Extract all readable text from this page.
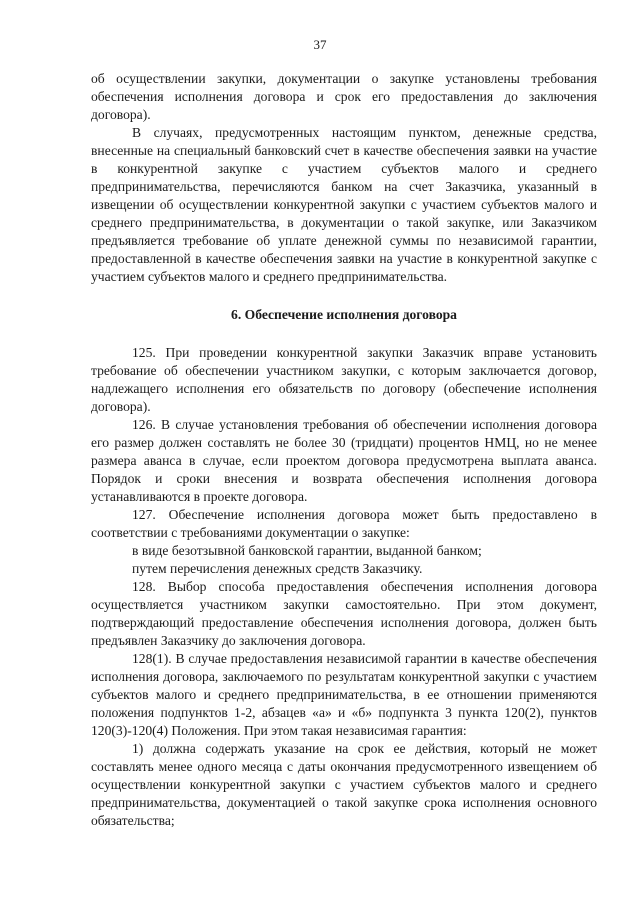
37

об осуществлении закупки, документации о закупке установлены требования обеспечения исполнения договора и срок его предоставления до заключения договора).

В случаях, предусмотренных настоящим пунктом, денежные средства, внесенные на специальный банковский счет в качестве обеспечения заявки на участие в конкурентной закупке с участием субъектов малого и среднего предпринимательства, перечисляются банком на счет Заказчика, указанный в извещении об осуществлении конкурентной закупки с участием субъектов малого и среднего предпринимательства, в документации о такой закупке, или Заказчиком предъявляется требование об уплате денежной суммы по независимой гарантии, предоставленной в качестве обеспечения заявки на участие в конкурентной закупке с участием субъектов малого и среднего предпринимательства.

6. Обеспечение исполнения договора

125. При проведении конкурентной закупки Заказчик вправе установить требование об обеспечении участником закупки, с которым заключается договор, надлежащего исполнения его обязательств по договору (обеспечение исполнения договора).

126. В случае установления требования об обеспечении исполнения договора его размер должен составлять не более 30 (тридцати) процентов НМЦ, но не менее размера аванса в случае, если проектом договора предусмотрена выплата аванса. Порядок и сроки внесения и возврата обеспечения исполнения договора устанавливаются в проекте договора.

127. Обеспечение исполнения договора может быть предоставлено в соответствии с требованиями документации о закупке:

в виде безотзывной банковской гарантии, выданной банком;

путем перечисления денежных средств Заказчику.

128. Выбор способа предоставления обеспечения исполнения договора осуществляется участником закупки самостоятельно. При этом документ, подтверждающий предоставление обеспечения исполнения договора, должен быть предъявлен Заказчику до заключения договора.

128(1). В случае предоставления независимой гарантии в качестве обеспечения исполнения договора, заключаемого по результатам конкурентной закупки с участием субъектов малого и среднего предпринимательства, в ее отношении применяются положения подпунктов 1-2, абзацев «а» и «б» подпункта 3 пункта 120(2), пунктов 120(3)-120(4) Положения. При этом такая независимая гарантия:

1) должна содержать указание на срок ее действия, который не может составлять менее одного месяца с даты окончания предусмотренного извещением об осуществлении конкурентной закупки с участием субъектов малого и среднего предпринимательства, документацией о такой закупке срока исполнения основного обязательства;
